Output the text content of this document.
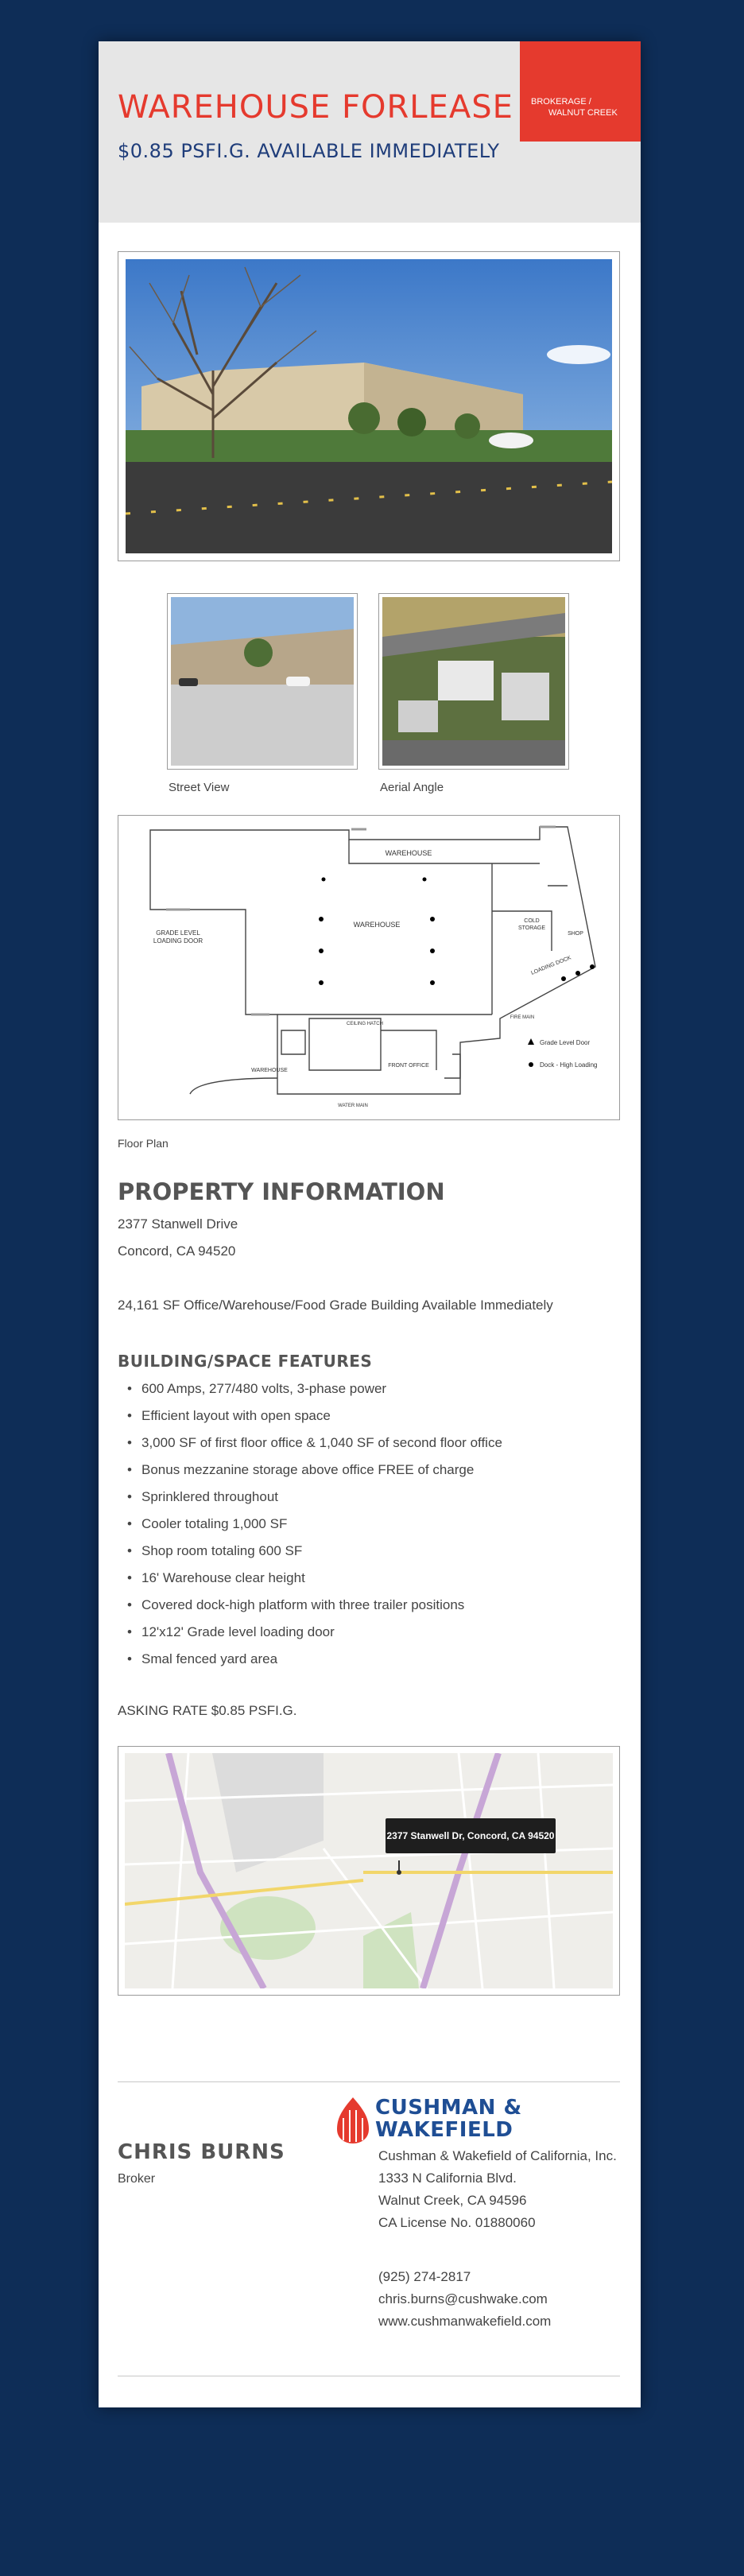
WAREHOUSE FORLEASE
$0.85 PSFI.G. AVAILABLE IMMEDIATELY
BROKERAGE /
WALNUT CREEK
Street View	Aerial Angle
WAREHOUSE
WAREHOUSE
WAREHOUSE
GRADE LEVEL
LOADING DOOR
COLD
STORAGE
SHOP
LOADING DOCK
FRONT OFFICE
WATER MAIN
FIRE MAIN
CEILING HATCH
Grade Level Door
Dock - High Loading
Floor Plan
PROPERTY INFORMATION
2377 Stanwell Drive
Concord, CA 94520
24,161 SF Office/Warehouse/Food Grade Building Available Immediately
BUILDING/SPACE FEATURES
• 600 Amps, 277/480 volts, 3-phase power
• Efficient layout with open space
• 3,000 SF of first floor office & 1,040 SF of second floor office
• Bonus mezzanine storage above office FREE of charge
• Sprinklered throughout
• Cooler totaling 1,000 SF
• Shop room totaling 600 SF
• 16' Warehouse clear height
• Covered dock-high platform with three trailer positions
• 12'x12' Grade level loading door
• Smal fenced yard area
ASKING RATE $0.85 PSFI.G.
2377 Stanwell Dr, Concord, CA 94520
CHRIS BURNS
Broker
CUSHMAN &
WAKEFIELD
Cushman & Wakefield of California, Inc.
1333 N California Blvd.
Walnut Creek, CA 94596
CA License No. 01880060
(925) 274-2817
chris.burns@cushwake.com
www.cushmanwakefield.com
